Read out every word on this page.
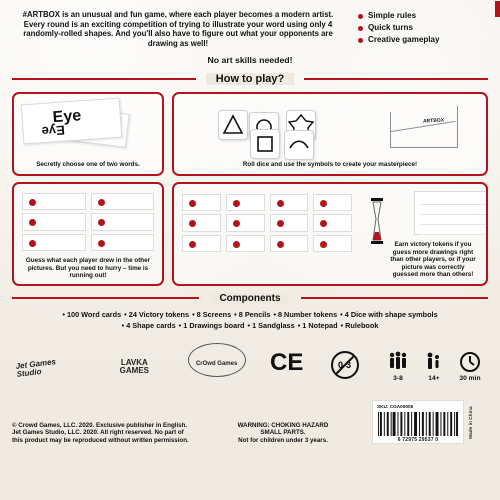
#ARTBOX is an unusual and fun game, where each player becomes a modern artist. Every round is an exciting competition of trying to illustrate your word using only 4 randomly-rolled shapes. And you'll also have to figure out what your opponents are drawing as well!
Simple rules
Quick turns
Creative gameplay
No art skills needed!
How to play?
Eye
Eye
Secretly choose one of two words.
ARTBOX
Roll dice and use the symbols to create your masterpiece!
Guess what each player drew in the other pictures. But you need to hurry – time is running out!
Earn victory tokens if you guess more drawings right than other players, or if your picture was correctly guessed more than others!
Components
• 100 Word cards	• 24 Victory tokens	• 8 Screens	• 8 Pencils	• 8 Number tokens	• 4 Dice with shape symbols
• 4 Shape cards	• 1 Drawings board	• 1 Sandglass	• 1 Notepad	• Rulebook
Jet Games Studio
LAVKA GAMES
CrOwd Games	CE	0-3
3-8	14+	30 min
© Crowd Games, LLC. 2020. Exclusive publisher in English. Jet Games Studio, LLC. 2020. All right reserved. No part of this product may be reproduced without written permission.
WARNING: CHOKING HAZARD
SMALL PARTS.
Not for children under 3 years.
SKU: CGA00005
6 72975 29537 0
Made in China
